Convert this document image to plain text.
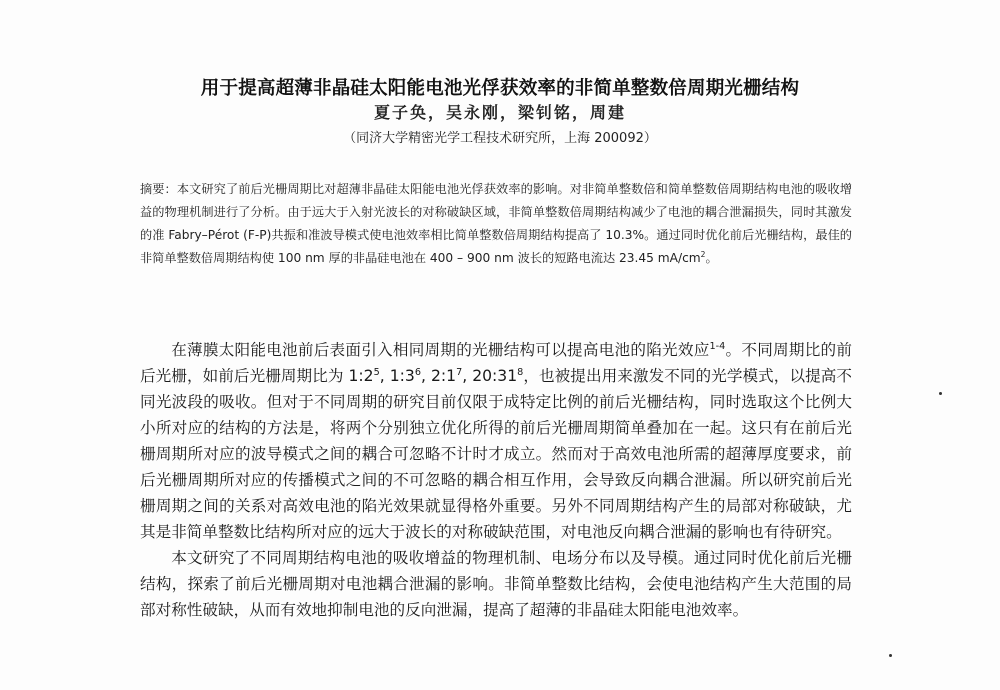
用于提高超薄非晶硅太阳能电池光俘获效率的非简单整数倍周期光栅结构
夏子奂，吴永刚，梁钊铭，周建
（同济大学精密光学工程技术研究所，上海 200092）
摘要：本文研究了前后光栅周期比对超薄非晶硅太阳能电池光俘获效率的影响。对非简单整数倍和简单整数倍周期结构电池的吸收增益的物理机制进行了分析。由于远大于入射光波长的对称破缺区域，非简单整数倍周期结构减少了电池的耦合泄漏损失，同时其激发的准 Fabry–Pérot (F-P)共振和准波导模式使电池效率相比简单整数倍周期结构提高了 10.3%。通过同时优化前后光栅结构，最佳的非简单整数倍周期结构使 100 nm 厚的非晶硅电池在 400 – 900 nm 波长的短路电流达 23.45 $mA/cm^2$。

在薄膜太阳能电池前后表面引入相同周期的光栅结构可以提高电池的陷光效应$^{1-4}$。不同周期比的前后光栅，如前后光栅周期比为 $1:2^5$, $1:3^6$, $2:1^7$, $20:31^8$，也被提出用来激发不同的光学模式，以提高不同光波段的吸收。但对于不同周期的研究目前仅限于成特定比例的前后光栅结构，同时选取这个比例大小所对应的结构的方法是，将两个分别独立优化所得的前后光栅周期简单叠加在一起。这只有在前后光栅周期所对应的波导模式之间的耦合可忽略不计时才成立。然而对于高效电池所需的超薄厚度要求，前后光栅周期所对应的传播模式之间的不可忽略的耦合相互作用，会导致反向耦合泄漏。所以研究前后光栅周期之间的关系对高效电池的陷光效果就显得格外重要。另外不同周期结构产生的局部对称破缺，尤其是非简单整数比结构所对应的远大于波长的对称破缺范围，对电池反向耦合泄漏的影响也有待研究。

本文研究了不同周期结构电池的吸收增益的物理机制、电场分布以及导模。通过同时优化前后光栅结构，探索了前后光栅周期对电池耦合泄漏的影响。非简单整数比结构，会使电池结构产生大范围的局部对称性破缺，从而有效地抑制电池的反向泄漏，提高了超薄的非晶硅太阳能电池效率。
